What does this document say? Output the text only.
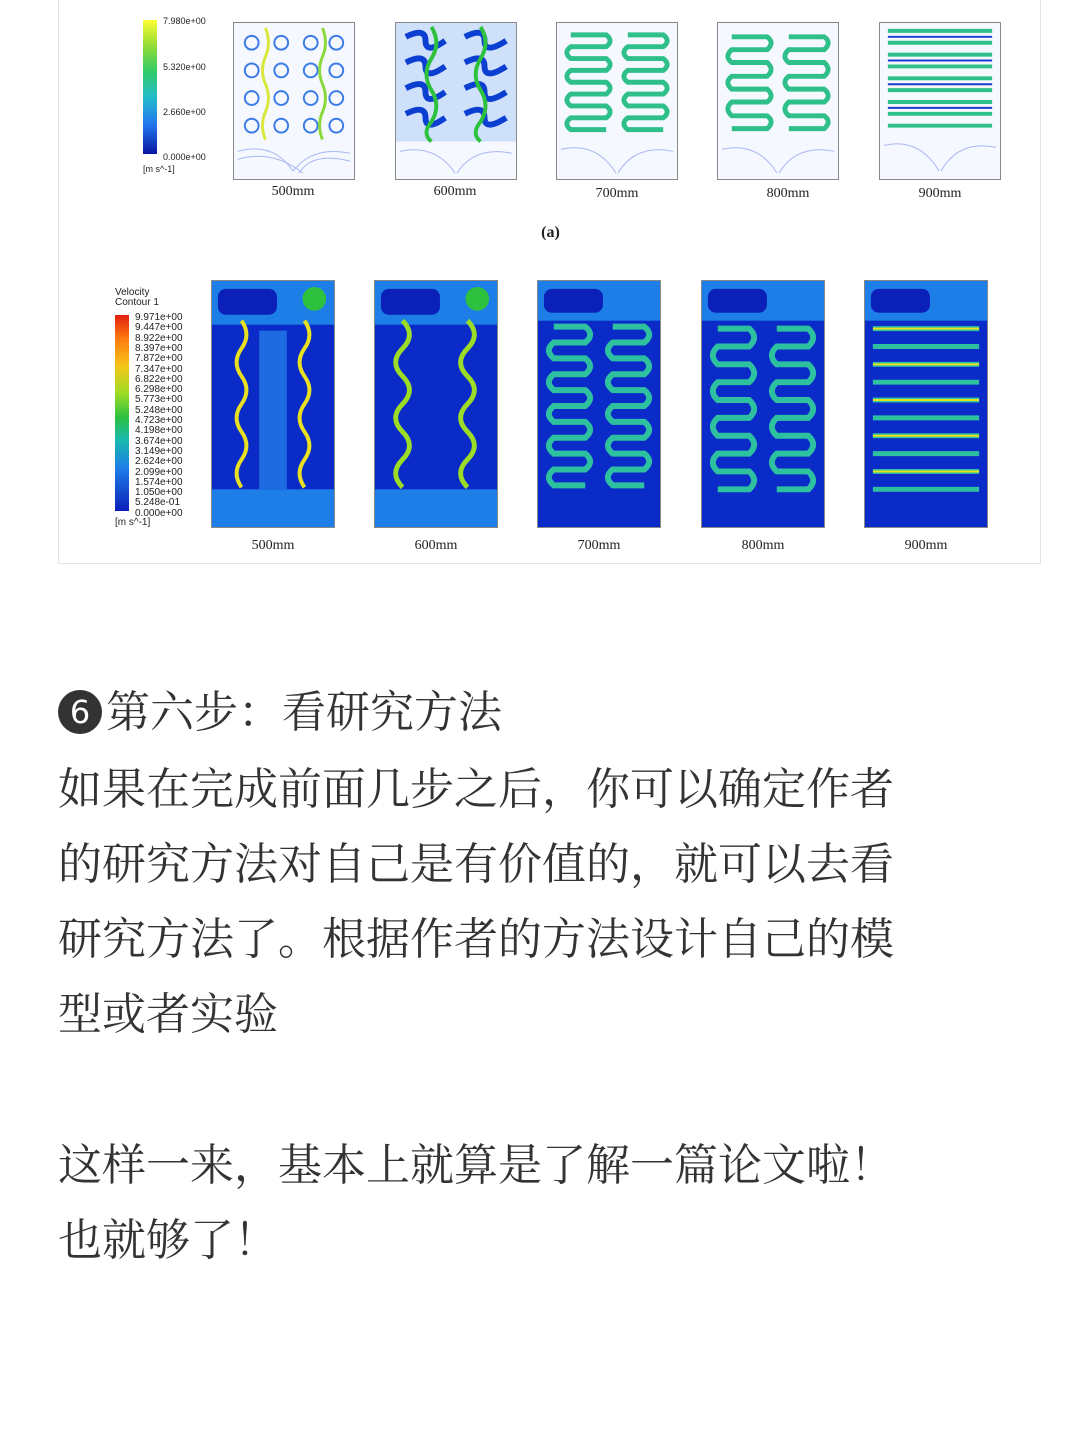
7.980e+00
5.320e+00
2.660e+00
0.000e+00
[m s^-1]
500mm	600mm	700mm	800mm	900mm
(a)
Velocity
Contour 1
9.971e+00
9.447e+00
8.922e+00
8.397e+00
7.872e+00
7.347e+00
6.822e+00
6.298e+00
5.773e+00
5.248e+00
4.723e+00
4.198e+00
3.674e+00
3.149e+00
2.624e+00
2.099e+00
1.574e+00
1.050e+00
5.248e-01
0.000e+00
[m s^-1]
500mm	600mm	700mm	800mm	900mm
6 第六步：看研究方法
如果在完成前面几步之后，你可以确定作者
的研究方法对自己是有价值的，就可以去看
研究方法了。根据作者的方法设计自己的模
型或者实验
这样一来，基本上就算是了解一篇论文啦！
也就够了！
